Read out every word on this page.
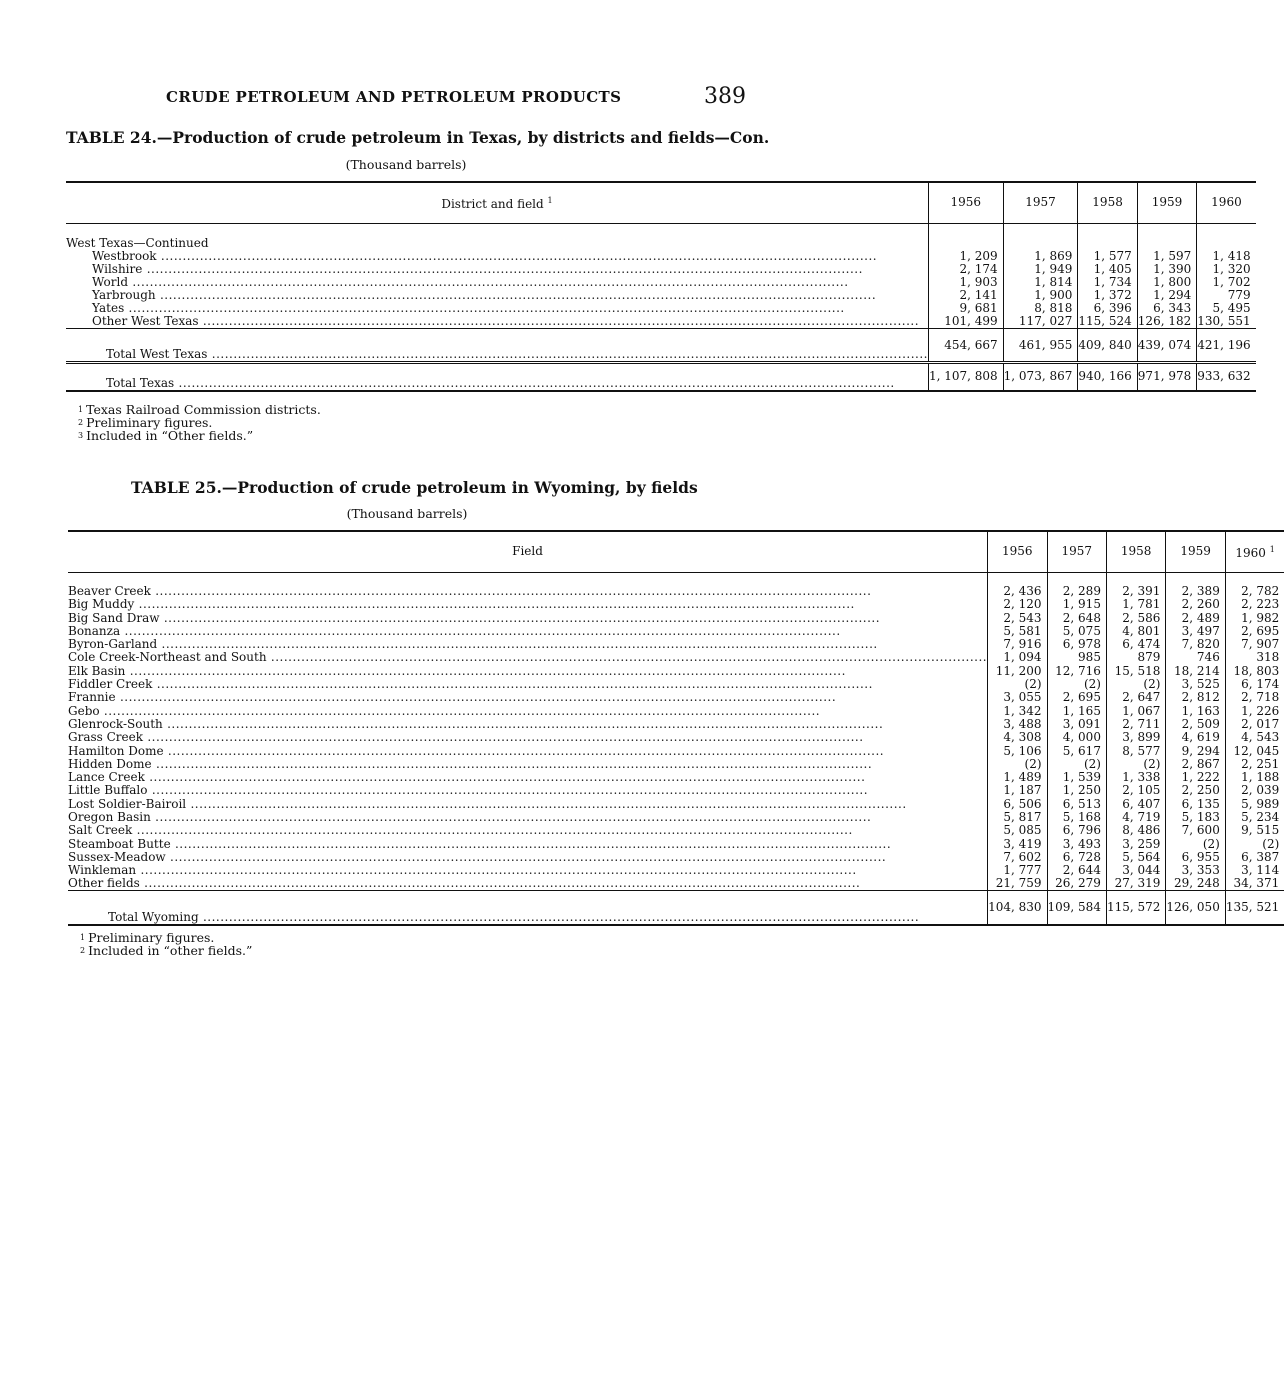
CRUDE PETROLEUM AND PETROLEUM PRODUCTS	389
TABLE 24.—Production of crude petroleum in Texas, by districts and fields—Con.
(Thousand barrels)
District and field $^1$	1956	1957	1958	1959	1960
West Texas—Continued					

Westbrook .....	1, 209	1, 869	1, 577	1, 597	1, 418

Wilshire .....	2, 174	1, 949	1, 405	1, 390	1, 320

World .....	1, 903	1, 814	1, 734	1, 800	1, 702

Yarbrough .....	2, 141	1, 900	1, 372	1, 294	779

Yates .....	9, 681	8, 818	6, 396	6, 343	5, 495

Other West Texas .....	101, 499	117, 027	115, 524	126, 182	130, 551

Total West Texas .....	454, 667	461, 955	409, 840	439, 074	421, 196

Total Texas .....	1, 107, 808	1, 073, 867	940, 166	971, 978	933, 632
$^1$ Texas Railroad Commission districts.
$^2$ Preliminary figures.
$^3$ Included in “Other fields.”
TABLE 25.—Production of crude petroleum in Wyoming, by fields
(Thousand barrels)
Field	1956	1957	1958	1959	1960 $^1$

Beaver Creek .....	2, 436	2, 289	2, 391	2, 389	2, 782

Big Muddy .....	2, 120	1, 915	1, 781	2, 260	2, 223

Big Sand Draw .....	2, 543	2, 648	2, 586	2, 489	1, 982

Bonanza .....	5, 581	5, 075	4, 801	3, 497	2, 695

Byron-Garland .....	7, 916	6, 978	6, 474	7, 820	7, 907

Cole Creek-Northeast and South .....	1, 094	985	879	746	318

Elk Basin .....	11, 200	12, 716	15, 518	18, 214	18, 803

Fiddler Creek .....	(2)	(2)	(2)	3, 525	6, 174

Frannie .....	3, 055	2, 695	2, 647	2, 812	2, 718

Gebo .....	1, 342	1, 165	1, 067	1, 163	1, 226

Glenrock-South .....	3, 488	3, 091	2, 711	2, 509	2, 017

Grass Creek .....	4, 308	4, 000	3, 899	4, 619	4, 543

Hamilton Dome .....	5, 106	5, 617	8, 577	9, 294	12, 045

Hidden Dome .....	(2)	(2)	(2)	2, 867	2, 251

Lance Creek .....	1, 489	1, 539	1, 338	1, 222	1, 188

Little Buffalo .....	1, 187	1, 250	2, 105	2, 250	2, 039

Lost Soldier-Bairoil .....	6, 506	6, 513	6, 407	6, 135	5, 989

Oregon Basin .....	5, 817	5, 168	4, 719	5, 183	5, 234

Salt Creek .....	5, 085	6, 796	8, 486	7, 600	9, 515

Steamboat Butte .....	3, 419	3, 493	3, 259	(2)	(2)

Sussex-Meadow .....	7, 602	6, 728	5, 564	6, 955	6, 387

Winkleman .....	1, 777	2, 644	3, 044	3, 353	3, 114

Other fields .....	21, 759	26, 279	27, 319	29, 248	34, 371

Total Wyoming .....	104, 830	109, 584	115, 572	126, 050	135, 521
$^1$ Preliminary figures.
$^2$ Included in “other fields.”
